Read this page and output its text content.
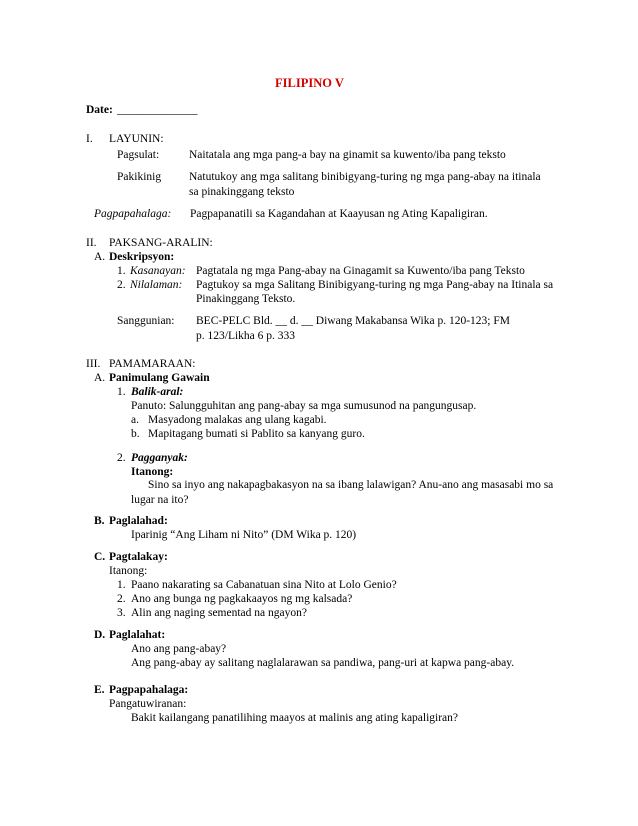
FILIPINO V
Date: ______________
I. LAYUNIN:
Pagsulat:	Naitatala ang mga pang-a bay na ginamit sa kuwento/iba pang teksto
Pakikinig Natutukoy ang mga salitang binibigyang-turing ng mga pang-abay na itinala
sa pinakinggang teksto
Pagpapahalaga: Pagpapanatili sa Kagandahan at Kaayusan ng Ating Kapaligiran.
II. PAKSANG-ARALIN:
A. Deskripsyon:
1. Kasanayan: Pagtatala ng mga Pang-abay na Ginagamit sa Kuwento/iba pang Teksto
2. Nilalaman: Pagtukoy sa mga Salitang Binibigyang-turing ng mga Pang-abay na Itinala sa
Pinakinggang Teksto.
Sanggunian: BEC-PELC Bld. __ d. __ Diwang Makabansa Wika p. 120-123; FM
p. 123/Likha 6 p. 333
III. PAMAMARAAN:
A. Panimulang Gawain
1. Balik-aral:
Panuto: Salungguhitan ang pang-abay sa mga sumusunod na pangungusap.
a. Masyadong malakas ang ulang kagabi.
b. Mapitagang bumati si Pablito sa kanyang guro.
2. Pagganyak:
Itanong:
Sino sa inyo ang nakapagbakasyon na sa ibang lalawigan? Anu-ano ang masasabi mo sa
lugar na ito?
B. Paglalahad:
Iparinig “Ang Liham ni Nito” (DM Wika p. 120)
C. Pagtalakay:
Itanong:
1. Paano nakarating sa Cabanatuan sina Nito at Lolo Genio?
2. Ano ang bunga ng pagkakaayos ng mg kalsada?
3. Alin ang naging sementad na ngayon?
D. Paglalahat:
Ano ang pang-abay?
Ang pang-abay ay salitang naglalarawan sa pandiwa, pang-uri at kapwa pang-abay.
E. Pagpapahalaga:
Pangatuwiranan:
Bakit kailangang panatilihing maayos at malinis ang ating kapaligiran?
